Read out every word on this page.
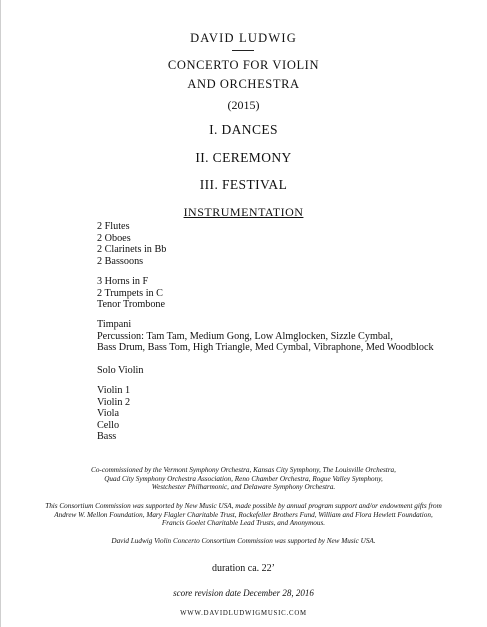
DAVID LUDWIG
CONCERTO FOR VIOLIN
AND ORCHESTRA
(2015)
I. DANCES
II. CEREMONY
III. FESTIVAL
INSTRUMENTATION
2 Flutes
2 Oboes
2 Clarinets in Bb
2 Bassoons
3 Horns in F
2 Trumpets in C
Tenor Trombone
Timpani
Percussion: Tam Tam, Medium Gong, Low Almglocken, Sizzle Cymbal,
Bass Drum, Bass Tom, High Triangle, Med Cymbal, Vibraphone, Med Woodblock
Solo Violin
Violin 1
Violin 2
Viola
Cello
Bass
Co-commissioned by the Vermont Symphony Orchestra, Kansas City Symphony, The Louisville Orchestra,
Quad City Symphony Orchestra Association, Reno Chamber Orchestra, Rogue Valley Symphony,
Westchester Philharmonic, and Delaware Symphony Orchestra.
This Consortium Commission was supported by New Music USA, made possible by annual program support and/or endowment gifts from
Andrew W. Mellon Foundation, Mary Flagler Charitable Trust, Rockefeller Brothers Fund, William and Flora Hewlett Foundation,
Francis Goelet Charitable Lead Trusts, and Anonymous.
David Ludwig Violin Concerto Consortium Commission was supported by New Music USA.
duration ca. 22’
score revision date December 28, 2016
WWW.DAVIDLUDWIGMUSIC.COM
